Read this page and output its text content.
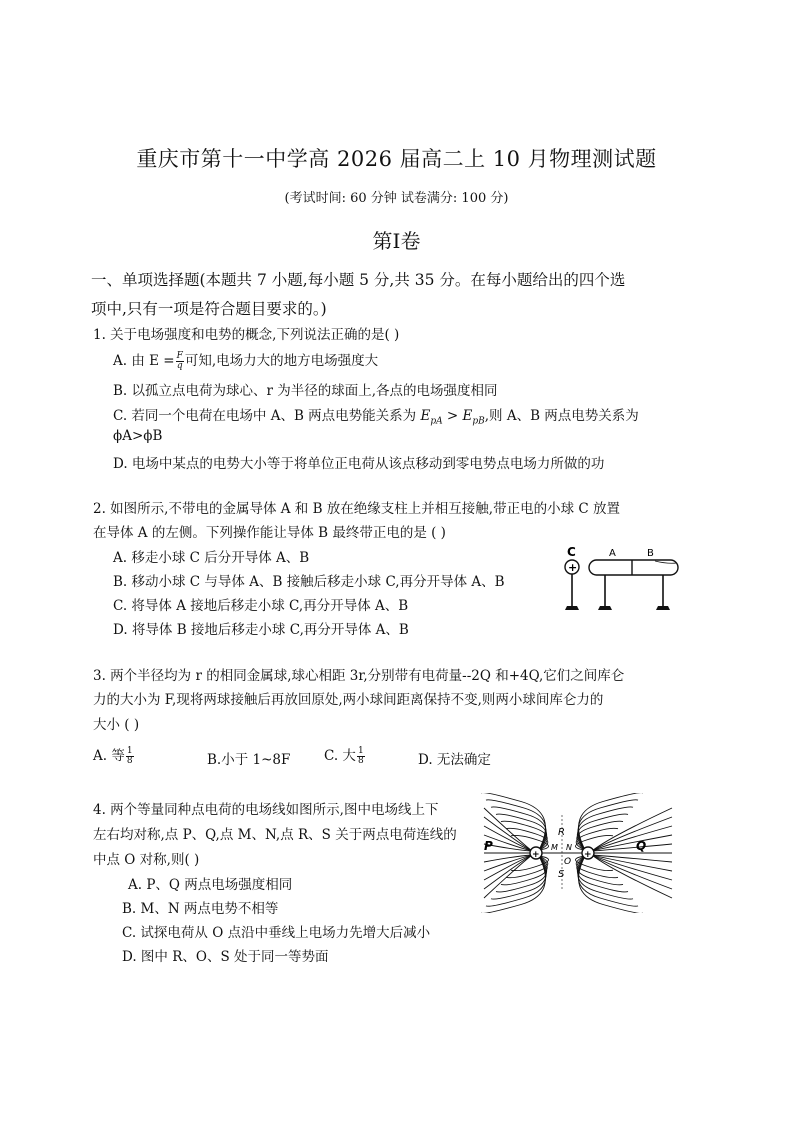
重庆市第十一中学高 2026 届高二上 10 月物理测试题
(考试时间: 60 分钟 试卷满分: 100 分)
第Ⅰ卷
一、单项选择题(本题共 7 小题,每小题 5 分,共 35 分。在每小题给出的四个选
项中,只有一项是符合题目要求的。)
1. 关于电场强度和电势的概念,下列说法正确的是( )
A. 由 $E = \frac{F}{q}$ 可知,电场力大的地方电场强度大
B. 以孤立点电荷为球心、r 为半径的球面上,各点的电场强度相同
C. 若同一个电荷在电场中 A、B 两点电势能关系为 $E_{pA} > E_{pB}$,则 A、B 两点电势关系为
ϕA>ϕB
D. 电场中某点的电势大小等于将单位正电荷从该点移动到零电势点电场力所做的功
2. 如图所示,不带电的金属导体 A 和 B 放在绝缘支柱上并相互接触,带正电的小球 C 放置
在导体 A 的左侧。下列操作能让导体 B 最终带正电的是 ( )
A. 移走小球 C 后分开导体 A、B
B. 移动小球 C 与导体 A、B 接触后移走小球 C,再分开导体 A、B
C. 将导体 A 接地后移走小球 C,再分开导体 A、B
D. 将导体 B 接地后移走小球 C,再分开导体 A、B
C	A	B
+
3. 两个半径均为 r 的相同金属球,球心相距 3r,分别带有电荷量--2Q 和+4Q,它们之间库仑
力的大小为 F,现将两球接触后再放回原处,两小球间距离保持不变,则两小球间库仑力的
大小 ( )
A. 等 $\frac{1}{8}$	B.小于 1~8F C. 大 $\frac{1}{8}$	D. 无法确定
4. 两个等量同种点电荷的电场线如图所示,图中电场线上下
左右均对称,点 P、Q,点 M、N,点 R、S 关于两点电荷连线的
中点 O 对称,则( )
A. P、Q 两点电场强度相同
B. M、N 两点电势不相等
C. 试探电荷从 O 点沿中垂线上电场力先增大后减小
D. 图中 R、O、S 处于同一等势面
+	+
P	Q
R
S
M N
O
